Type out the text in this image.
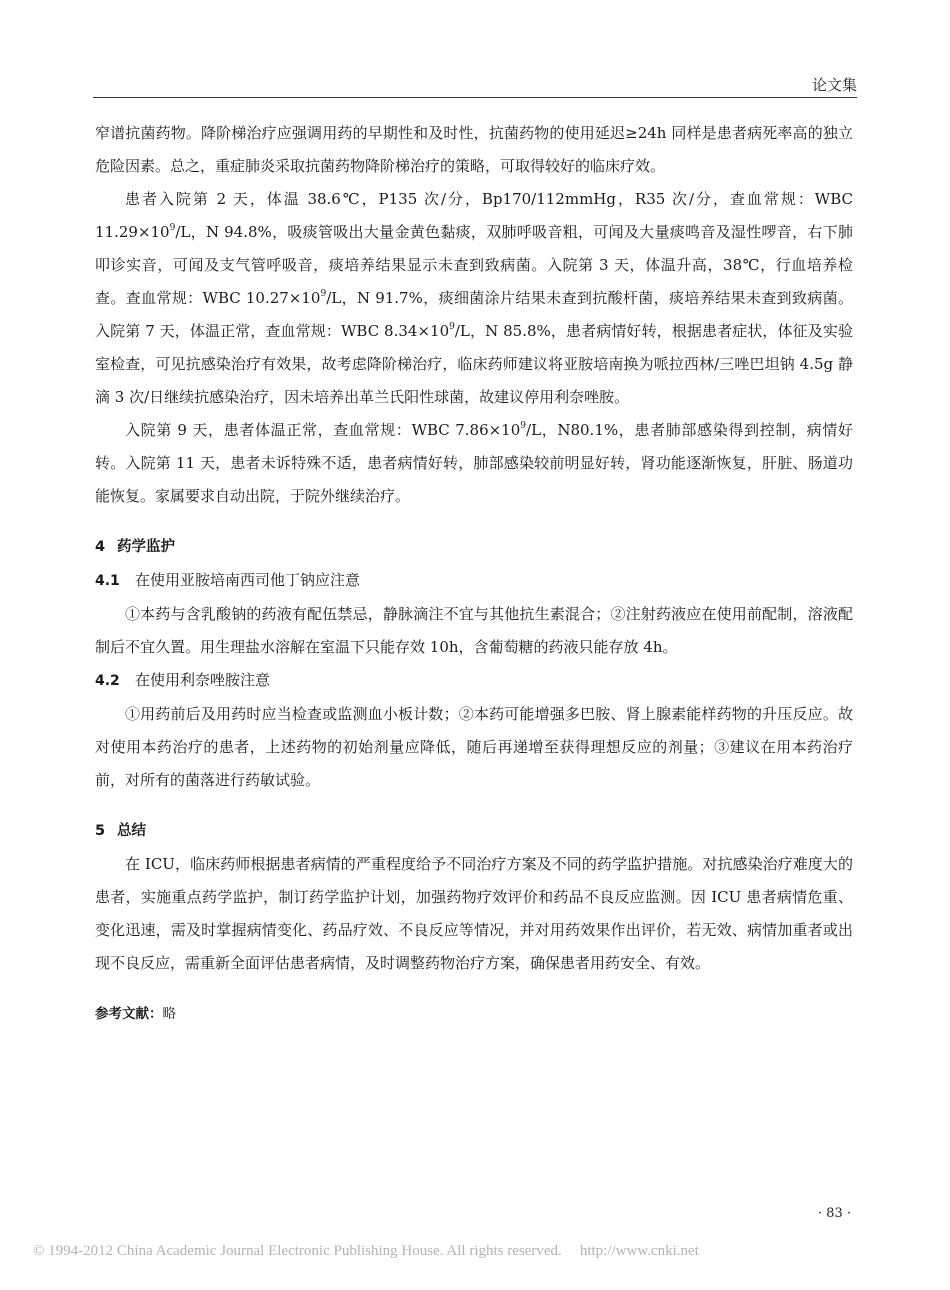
论文集

窄谱抗菌药物。降阶梯治疗应强调用药的早期性和及时性，抗菌药物的使用延迟≥24h 同样是患者病死率高的独立危险因素。总之，重症肺炎采取抗菌药物降阶梯治疗的策略，可取得较好的临床疗效。

患者入院第 2 天，体温 38.6℃，P135 次/分，Bp170/112mmHg，R35 次/分，查血常规：WBC $11.29\times 10^9/L$，N 94.8%，吸痰管吸出大量金黄色黏痰，双肺呼吸音粗，可闻及大量痰鸣音及湿性啰音，右下肺叩诊实音，可闻及支气管呼吸音，痰培养结果显示未查到致病菌。入院第 3 天，体温升高，38℃，行血培养检查。查血常规：WBC $10.27\times 10^9/L$，N 91.7%，痰细菌涂片结果未查到抗酸杆菌，痰培养结果未查到致病菌。入院第 7 天，体温正常，查血常规：WBC $8.34\times 10^9/L$，N 85.8%，患者病情好转，根据患者症状，体征及实验室检查，可见抗感染治疗有效果，故考虑降阶梯治疗，临床药师建议将亚胺培南换为哌拉西林/三唑巴坦钠 4.5g 静滴 3 次/日继续抗感染治疗，因未培养出革兰氏阳性球菌，故建议停用利奈唑胺。

入院第 9 天，患者体温正常，查血常规：WBC $7.86\times 10^9/L$，N80.1%，患者肺部感染得到控制，病情好转。入院第 11 天，患者未诉特殊不适，患者病情好转，肺部感染较前明显好转，肾功能逐渐恢复，肝脏、肠道功能恢复。家属要求自动出院，于院外继续治疗。

4 药学监护

4.1 在使用亚胺培南西司他丁钠应注意

①本药与含乳酸钠的药液有配伍禁忌，静脉滴注不宜与其他抗生素混合；②注射药液应在使用前配制，溶液配制后不宜久置。用生理盐水溶解在室温下只能存效 10h，含葡萄糖的药液只能存放 4h。

4.2 在使用利奈唑胺注意

①用药前后及用药时应当检查或监测血小板计数；②本药可能增强多巴胺、肾上腺素能样药物的升压反应。故对使用本药治疗的患者，上述药物的初始剂量应降低，随后再递增至获得理想反应的剂量；③建议在用本药治疗前，对所有的菌落进行药敏试验。

5 总结

在 ICU，临床药师根据患者病情的严重程度给予不同治疗方案及不同的药学监护措施。对抗感染治疗难度大的患者，实施重点药学监护，制订药学监护计划，加强药物疗效评价和药品不良反应监测。因 ICU 患者病情危重、变化迅速，需及时掌握病情变化、药品疗效、不良反应等情况，并对用药效果作出评价，若无效、病情加重者或出现不良反应，需重新全面评估患者病情，及时调整药物治疗方案，确保患者用药安全、有效。

参考文献：略

· 83 ·
© 1994-2012 China Academic Journal Electronic Publishing House. All rights reserved. http://www.cnki.net
